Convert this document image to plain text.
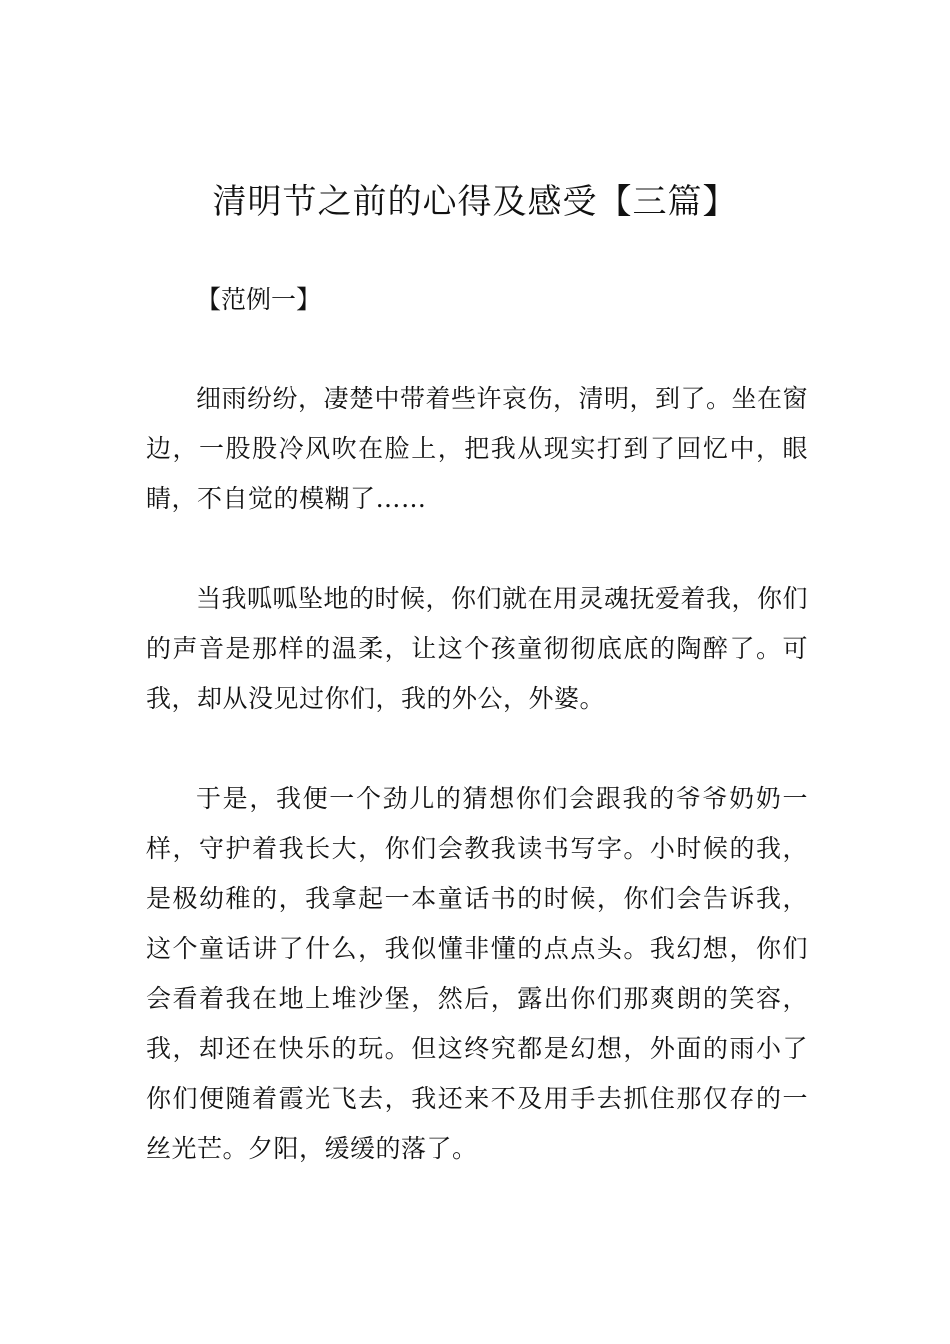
清明节之前的心得及感受【三篇】

【范例一】

细雨纷纷，凄楚中带着些许哀伤，清明，到了。坐在窗边，一股股冷风吹在脸上，把我从现实打到了回忆中，眼睛，不自觉的模糊了……

当我呱呱坠地的时候，你们就在用灵魂抚爱着我，你们的声音是那样的温柔，让这个孩童彻彻底底的陶醉了。可我，却从没见过你们，我的外公，外婆。

于是，我便一个劲儿的猜想你们会跟我的爷爷奶奶一样，守护着我长大，你们会教我读书写字。小时候的我，是极幼稚的，我拿起一本童话书的时候，你们会告诉我，这个童话讲了什么，我似懂非懂的点点头。我幻想，你们会看着我在地上堆沙堡，然后，露出你们那爽朗的笑容，我，却还在快乐的玩。但这终究都是幻想，外面的雨小了你们便随着霞光飞去，我还来不及用手去抓住那仅存的一丝光芒。夕阳，缓缓的落了。
